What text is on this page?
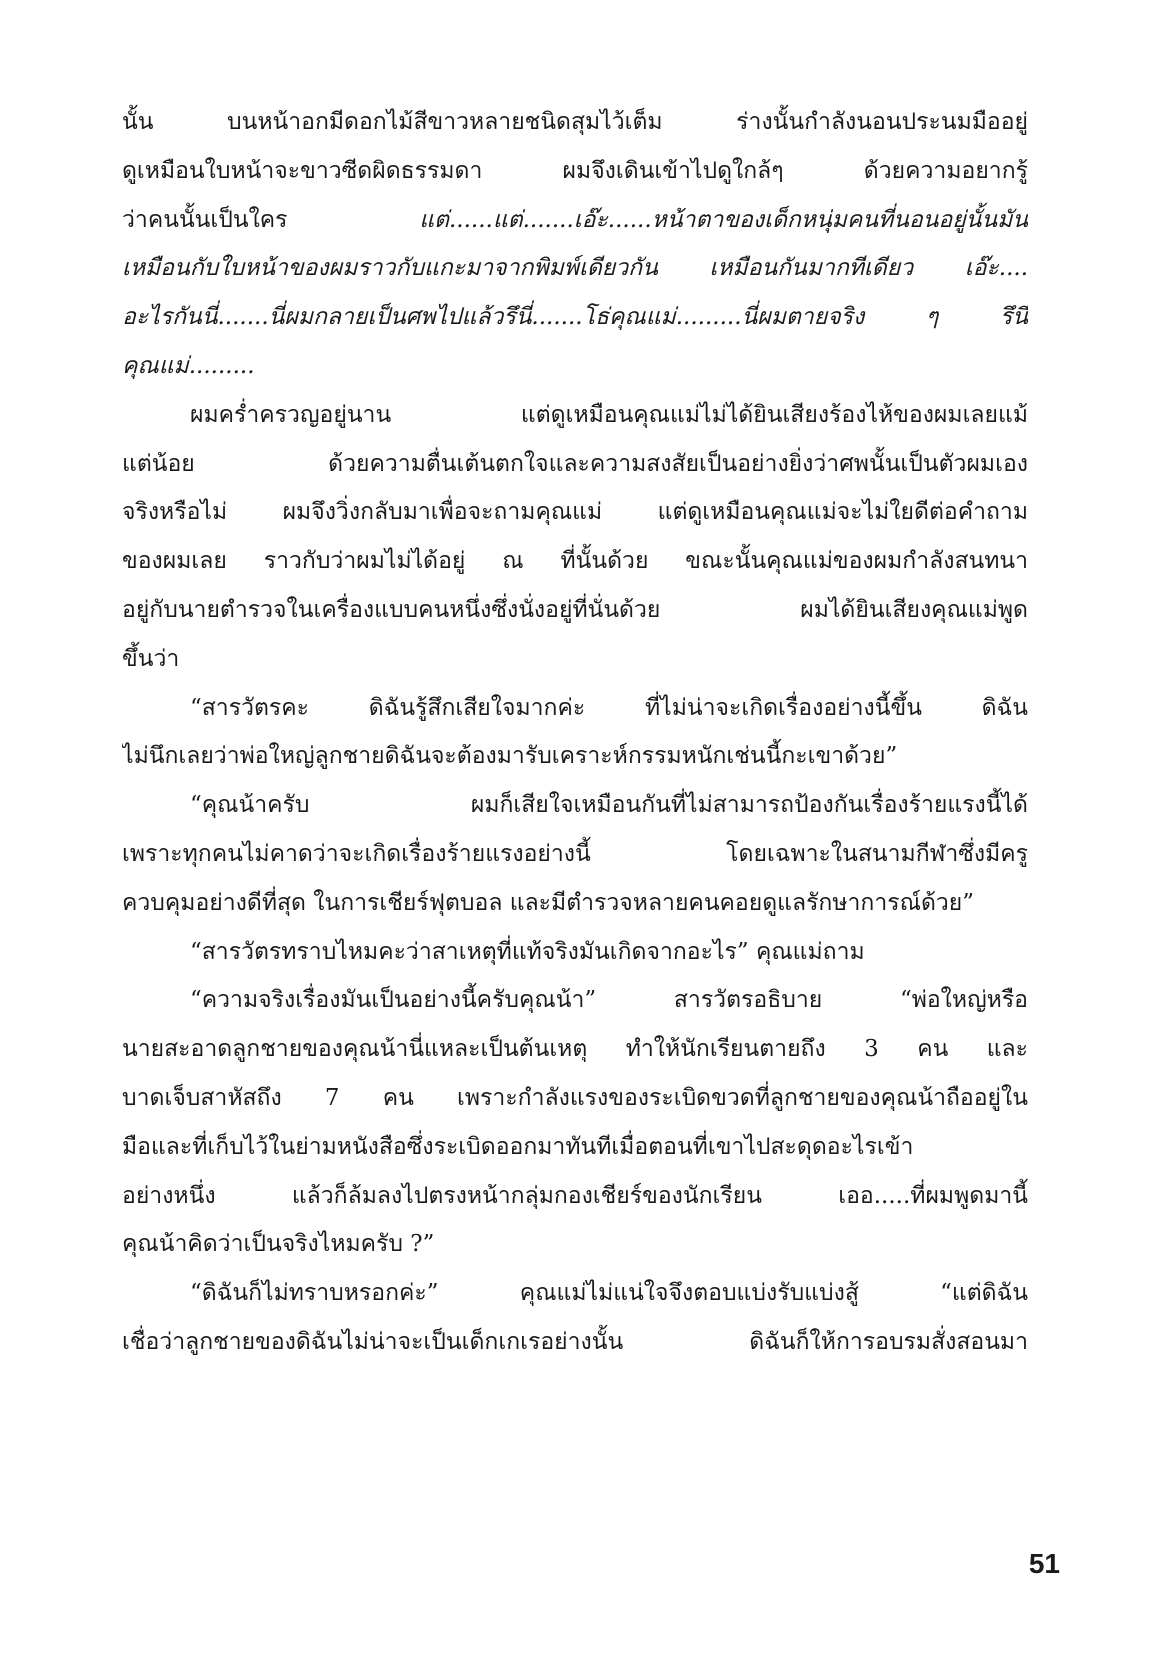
นั้น บนหน้าอกมีดอกไม้สีขาวหลายชนิดสุมไว้เต็ม ร่างนั้นกำลังนอนประนมมืออยู่
ดูเหมือนใบหน้าจะขาวซีดผิดธรรมดา ผมจึงเดินเข้าไปดูใกล้ๆ ด้วยความอยากรู้
ว่าคนนั้นเป็นใคร แต่......แต่.......เอ๊ะ......หน้าตาของเด็กหนุ่มคนที่นอนอยู่นั้นมัน
เหมือนกับใบหน้าของผมราวกับแกะมาจากพิมพ์เดียวกัน เหมือนกันมากทีเดียว เอ๊ะ....
อะไรกันนี่.......นี่ผมกลายเป็นศพไปแล้วรึนี่.......โธ่คุณแม่.........นี่ผมตายจริง ๆ รึนี่
คุณแม่.........
ผมคร่ำครวญอยู่นาน แต่ดูเหมือนคุณแม่ไม่ได้ยินเสียงร้องไห้ของผมเลยแม้
แต่น้อย ด้วยความตื่นเต้นตกใจและความสงสัยเป็นอย่างยิ่งว่าศพนั้นเป็นตัวผมเอง
จริงหรือไม่ ผมจึงวิ่งกลับมาเพื่อจะถามคุณแม่ แต่ดูเหมือนคุณแม่จะไม่ใยดีต่อคำถาม
ของผมเลย ราวกับว่าผมไม่ได้อยู่ ณ ที่นั้นด้วย ขณะนั้นคุณแม่ของผมกำลังสนทนา
อยู่กับนายตำรวจในเครื่องแบบคนหนึ่งซึ่งนั่งอยู่ที่นั่นด้วย ผมได้ยินเสียงคุณแม่พูด
ขึ้นว่า
“สารวัตรคะ ดิฉันรู้สึกเสียใจมากค่ะ ที่ไม่น่าจะเกิดเรื่องอย่างนี้ขึ้น ดิฉัน
ไม่นึกเลยว่าพ่อใหญ่ลูกชายดิฉันจะต้องมารับเคราะห์กรรมหนักเช่นนี้กะเขาด้วย”
“คุณน้าครับ ผมก็เสียใจเหมือนกันที่ไม่สามารถป้องกันเรื่องร้ายแรงนี้ได้
เพราะทุกคนไม่คาดว่าจะเกิดเรื่องร้ายแรงอย่างนี้ โดยเฉพาะในสนามกีฬาซึ่งมีครู
ควบคุมอย่างดีที่สุด ในการเชียร์ฟุตบอล และมีตำรวจหลายคนคอยดูแลรักษาการณ์ด้วย”
“สารวัตรทราบไหมคะว่าสาเหตุที่แท้จริงมันเกิดจากอะไร” คุณแม่ถาม
“ความจริงเรื่องมันเป็นอย่างนี้ครับคุณน้า” สารวัตรอธิบาย “พ่อใหญ่หรือ
นายสะอาดลูกชายของคุณน้านี่แหละเป็นต้นเหตุ ทำให้นักเรียนตายถึง 3 คน และ
บาดเจ็บสาหัสถึง 7 คน เพราะกำลังแรงของระเบิดขวดที่ลูกชายของคุณน้าถืออยู่ใน
มือและที่เก็บไว้ในย่ามหนังสือซึ่งระเบิดออกมาทันทีเมื่อตอนที่เขาไปสะดุดอะไรเข้า
อย่างหนึ่ง แล้วก็ล้มลงไปตรงหน้ากลุ่มกองเชียร์ของนักเรียน เออ.....ที่ผมพูดมานี้
คุณน้าคิดว่าเป็นจริงไหมครับ ?”
“ดิฉันก็ไม่ทราบหรอกค่ะ” คุณแม่ไม่แน่ใจจึงตอบแบ่งรับแบ่งสู้ “แต่ดิฉัน
เชื่อว่าลูกชายของดิฉันไม่น่าจะเป็นเด็กเกเรอย่างนั้น ดิฉันก็ให้การอบรมสั่งสอนมา
51
